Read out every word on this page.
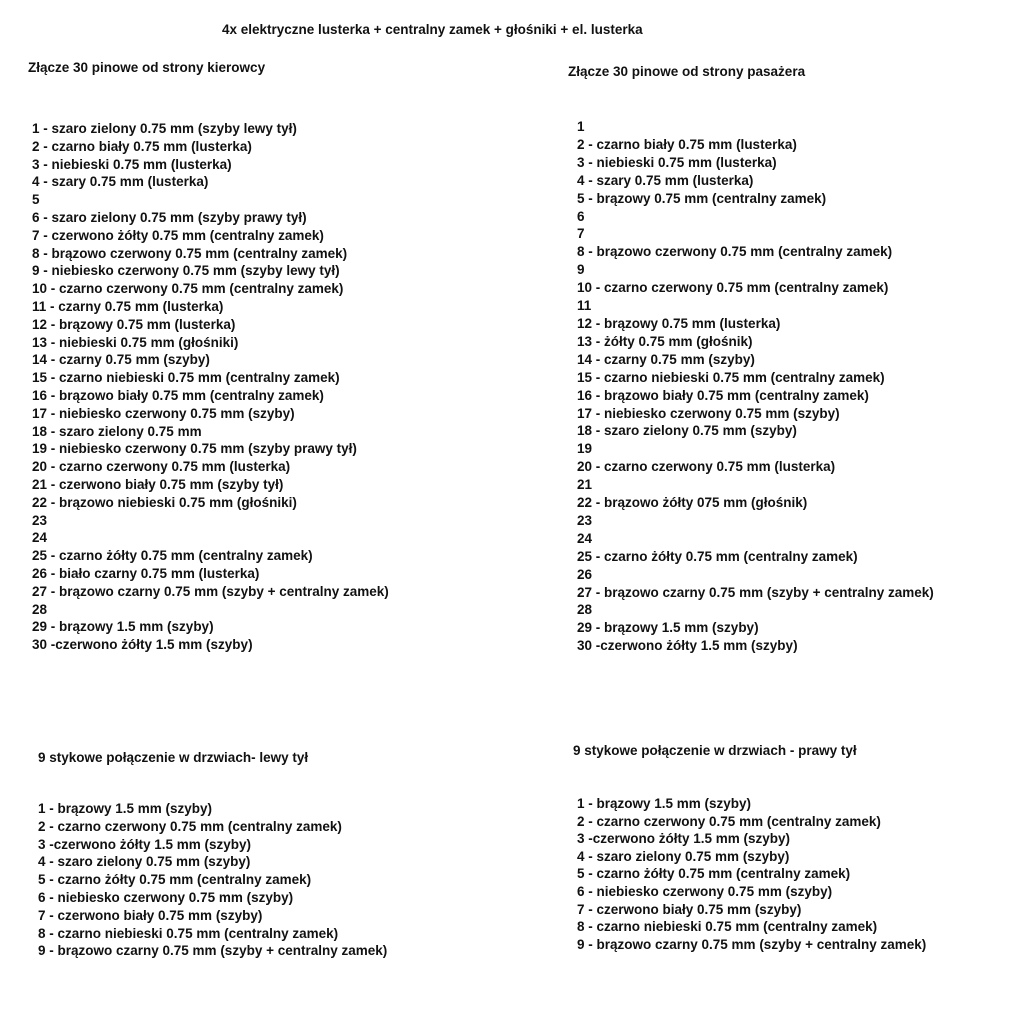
4x elektryczne lusterka + centralny zamek + głośniki + el. lusterka
Złącze 30 pinowe od strony kierowcy
1 - szaro zielony 0.75 mm (szyby lewy tył)
2 - czarno biały 0.75 mm (lusterka)
3 - niebieski 0.75 mm (lusterka)
4 - szary 0.75 mm (lusterka)
5
6 - szaro zielony 0.75 mm (szyby prawy tył)
7 - czerwono żółty 0.75 mm (centralny zamek)
8 - brązowo czerwony 0.75 mm (centralny zamek)
9 - niebiesko czerwony 0.75 mm (szyby lewy tył)
10 - czarno czerwony 0.75 mm (centralny zamek)
11 - czarny 0.75 mm (lusterka)
12 - brązowy 0.75 mm (lusterka)
13 - niebieski 0.75 mm (głośniki)
14 - czarny 0.75 mm (szyby)
15 - czarno niebieski 0.75 mm (centralny zamek)
16 - brązowo biały 0.75 mm (centralny zamek)
17 - niebiesko czerwony 0.75 mm (szyby)
18 - szaro zielony 0.75 mm
19 - niebiesko czerwony 0.75 mm (szyby prawy tył)
20 - czarno czerwony 0.75 mm (lusterka)
21 - czerwono biały 0.75 mm (szyby tył)
22 - brązowo niebieski 0.75 mm (głośniki)
23
24
25 - czarno żółty 0.75 mm (centralny zamek)
26 - biało czarny 0.75 mm (lusterka)
27 - brązowo czarny 0.75 mm (szyby + centralny zamek)
28
29 - brązowy 1.5 mm (szyby)
30 -czerwono żółty 1.5 mm (szyby)
Złącze 30 pinowe od strony pasażera
1
2 - czarno biały 0.75 mm (lusterka)
3 - niebieski 0.75 mm (lusterka)
4 - szary 0.75 mm (lusterka)
5 - brązowy 0.75 mm (centralny zamek)
6
7
8 - brązowo czerwony 0.75 mm (centralny zamek)
9
10 - czarno czerwony 0.75 mm (centralny zamek)
11
12 - brązowy 0.75 mm (lusterka)
13 - żółty 0.75 mm (głośnik)
14 - czarny 0.75 mm (szyby)
15 - czarno niebieski 0.75 mm (centralny zamek)
16 - brązowo biały 0.75 mm (centralny zamek)
17 - niebiesko czerwony 0.75 mm (szyby)
18 - szaro zielony 0.75 mm (szyby)
19
20 - czarno czerwony 0.75 mm (lusterka)
21
22 - brązowo żółty 075 mm (głośnik)
23
24
25 - czarno żółty 0.75 mm (centralny zamek)
26
27 - brązowo czarny 0.75 mm (szyby + centralny zamek)
28
29 - brązowy 1.5 mm (szyby)
30 -czerwono żółty 1.5 mm (szyby)
9 stykowe połączenie w drzwiach- lewy tył
1 - brązowy 1.5 mm (szyby)
2 - czarno czerwony 0.75 mm (centralny zamek)
3 -czerwono żółty 1.5 mm (szyby)
4 - szaro zielony 0.75 mm (szyby)
5 - czarno żółty 0.75 mm (centralny zamek)
6 - niebiesko czerwony 0.75 mm (szyby)
7 - czerwono biały 0.75 mm (szyby)
8 - czarno niebieski 0.75 mm (centralny zamek)
9 - brązowo czarny 0.75 mm (szyby + centralny zamek)
9 stykowe połączenie w drzwiach - prawy tył
1 - brązowy 1.5 mm (szyby)
2 - czarno czerwony 0.75 mm (centralny zamek)
3 -czerwono żółty 1.5 mm (szyby)
4 - szaro zielony 0.75 mm (szyby)
5 - czarno żółty 0.75 mm (centralny zamek)
6 - niebiesko czerwony 0.75 mm (szyby)
7 - czerwono biały 0.75 mm (szyby)
8 - czarno niebieski 0.75 mm (centralny zamek)
9 - brązowo czarny 0.75 mm (szyby + centralny zamek)
